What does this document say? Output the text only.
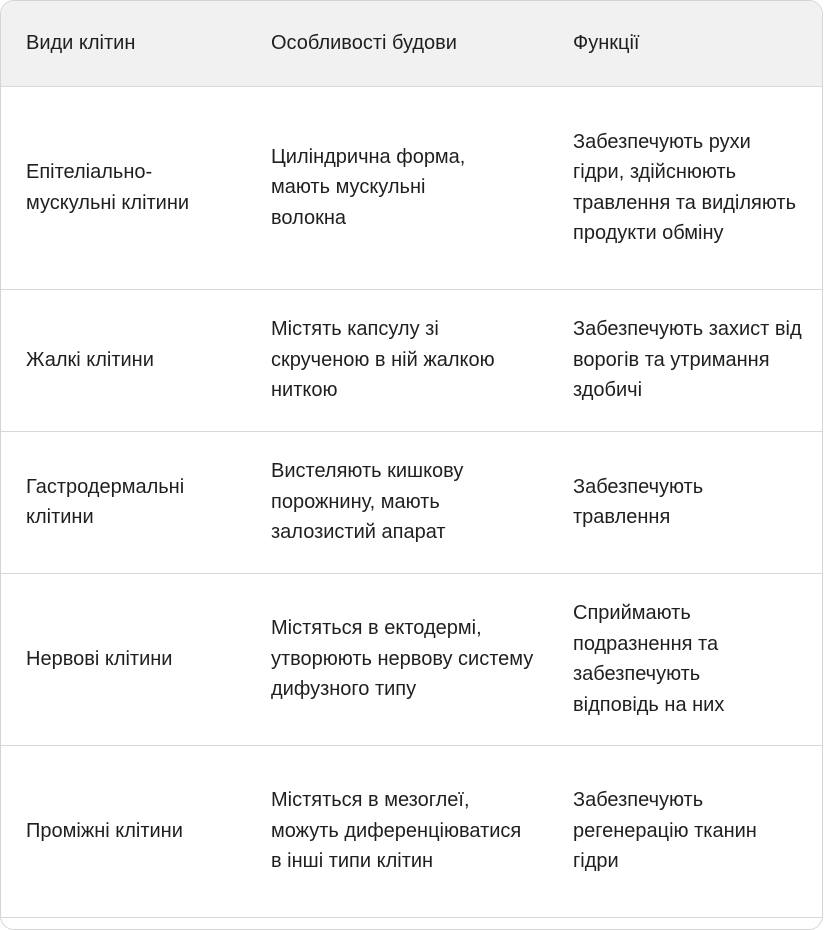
Види клітин	Особливості будови	Функції

Епітеліально-мускульні клітини	Циліндрична форма, мають мускульні волокна	Забезпечують рухи гідри, здійснюють травлення та виділяють продукти обміну

Жалкі клітини	Містять капсулу зі скрученою в ній жалкою ниткою	Забезпечують захист від ворогів та утримання здобичі

Гастродермальні клітини	Вистеляють кишкову порожнину, мають залозистий апарат	Забезпечують травлення

Нервові клітини	Містяться в ектодермі, утворюють нервову систему дифузного типу	Сприймають подразнення та забезпечують відповідь на них

Проміжні клітини	Містяться в мезоглеї, можуть диференціюватися в інші типи клітин	Забезпечують регенерацію тканин гідри
